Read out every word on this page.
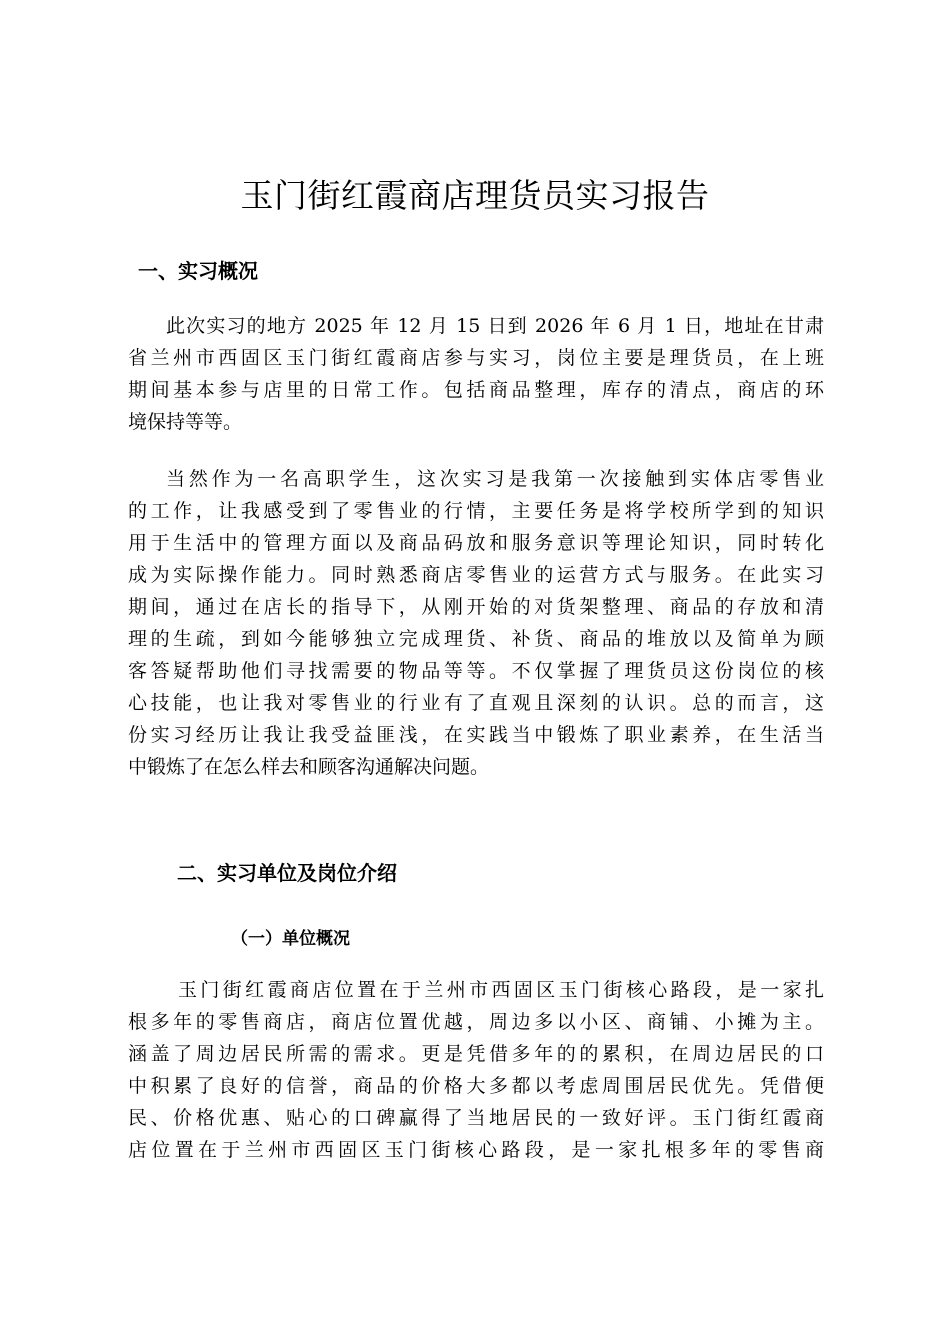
玉门街红霞商店理货员实习报告
一、实习概况
此次实习的地方 2025 年 12 月 15 日到 2026 年 6 月 1 日，地址在甘肃
省兰州市西固区玉门街红霞商店参与实习，岗位主要是理货员，在上班
期间基本参与店里的日常工作。包括商品整理，库存的清点，商店的环
境保持等等。
当然作为一名高职学生，这次实习是我第一次接触到实体店零售业
的工作，让我感受到了零售业的行情，主要任务是将学校所学到的知识
用于生活中的管理方面以及商品码放和服务意识等理论知识，同时转化
成为实际操作能力。同时熟悉商店零售业的运营方式与服务。在此实习
期间，通过在店长的指导下，从刚开始的对货架整理、商品的存放和清
理的生疏，到如今能够独立完成理货、补货、商品的堆放以及简单为顾
客答疑帮助他们寻找需要的物品等等。不仅掌握了理货员这份岗位的核
心技能，也让我对零售业的行业有了直观且深刻的认识。总的而言，这
份实习经历让我让我受益匪浅，在实践当中锻炼了职业素养，在生活当
中锻炼了在怎么样去和顾客沟通解决问题。
二、实习单位及岗位介绍
（一）单位概况
玉门街红霞商店位置在于兰州市西固区玉门街核心路段，是一家扎
根多年的零售商店，商店位置优越，周边多以小区、商铺、小摊为主。
涵盖了周边居民所需的需求。更是凭借多年的的累积，在周边居民的口
中积累了良好的信誉，商品的价格大多都以考虑周围居民优先。凭借便
民、价格优惠、贴心的口碑赢得了当地居民的一致好评。玉门街红霞商
店位置在于兰州市西固区玉门街核心路段，是一家扎根多年的零售商
